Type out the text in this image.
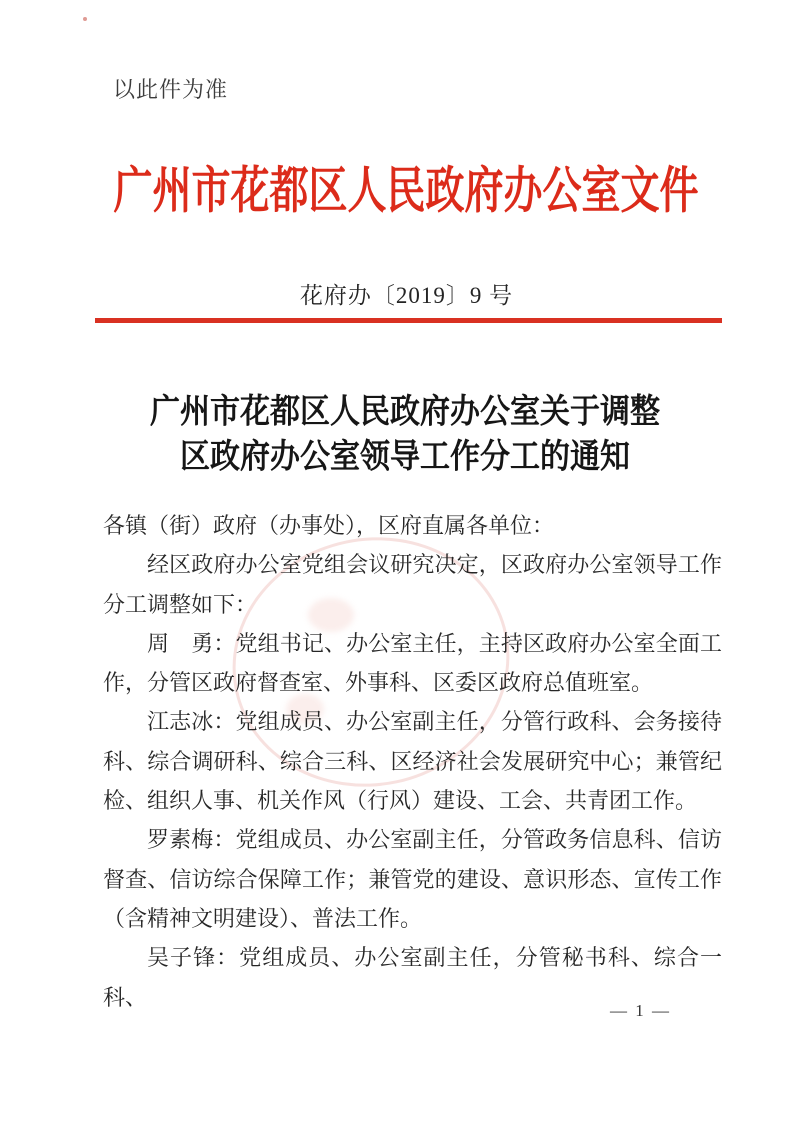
以此件为准
广州市花都区人民政府办公室文件
花府办〔2019〕9 号
广州市花都区人民政府办公室关于调整
区政府办公室领导工作分工的通知

各镇（街）政府（办事处），区府直属各单位：

经区政府办公室党组会议研究决定，区政府办公室领导工作分工调整如下：

周　勇：党组书记、办公室主任，主持区政府办公室全面工作，分管区政府督查室、外事科、区委区政府总值班室。

江志冰：党组成员、办公室副主任，分管行政科、会务接待科、综合调研科、综合三科、区经济社会发展研究中心；兼管纪检、组织人事、机关作风（行风）建设、工会、共青团工作。

罗素梅：党组成员、办公室副主任，分管政务信息科、信访督查、信访综合保障工作；兼管党的建设、意识形态、宣传工作（含精神文明建设）、普法工作。

吴子锋：党组成员、办公室副主任，分管秘书科、综合一科、

— 1 —
